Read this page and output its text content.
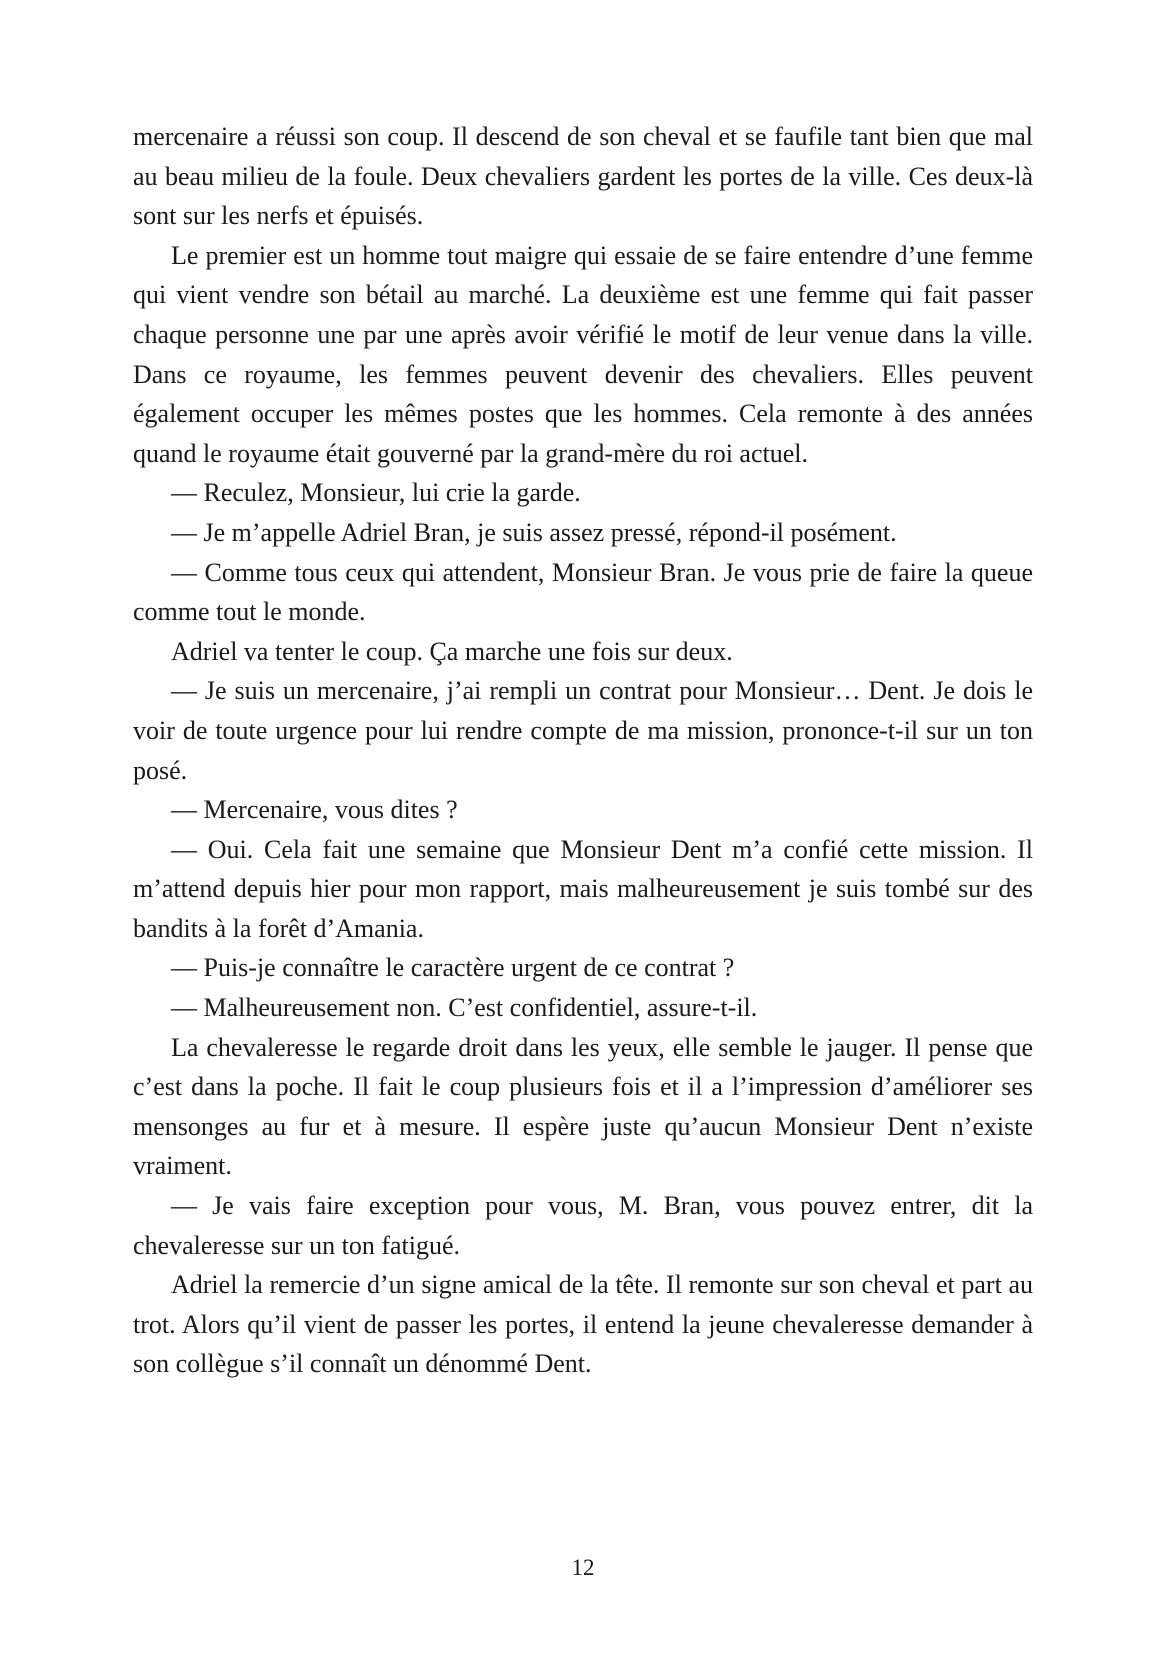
mercenaire a réussi son coup. Il descend de son cheval et se faufile tant bien que mal au beau milieu de la foule. Deux chevaliers gardent les portes de la ville. Ces deux-là sont sur les nerfs et épuisés.

Le premier est un homme tout maigre qui essaie de se faire entendre d’une femme qui vient vendre son bétail au marché. La deuxième est une femme qui fait passer chaque personne une par une après avoir vérifié le motif de leur venue dans la ville. Dans ce royaume, les femmes peuvent devenir des chevaliers. Elles peuvent également occuper les mêmes postes que les hommes. Cela remonte à des années quand le royaume était gouverné par la grand-mère du roi actuel.

— Reculez, Monsieur, lui crie la garde.

— Je m’appelle Adriel Bran, je suis assez pressé, répond-il posément.

— Comme tous ceux qui attendent, Monsieur Bran. Je vous prie de faire la queue comme tout le monde.

Adriel va tenter le coup. Ça marche une fois sur deux.

— Je suis un mercenaire, j’ai rempli un contrat pour Monsieur… Dent. Je dois le voir de toute urgence pour lui rendre compte de ma mission, prononce-t-il sur un ton posé.

— Mercenaire, vous dites ?

— Oui. Cela fait une semaine que Monsieur Dent m’a confié cette mission. Il m’attend depuis hier pour mon rapport, mais malheureusement je suis tombé sur des bandits à la forêt d’Amania.

— Puis-je connaître le caractère urgent de ce contrat ?

— Malheureusement non. C’est confidentiel, assure-t-il.

La chevaleresse le regarde droit dans les yeux, elle semble le jauger. Il pense que c’est dans la poche. Il fait le coup plusieurs fois et il a l’impression d’améliorer ses mensonges au fur et à mesure. Il espère juste qu’aucun Monsieur Dent n’existe vraiment.

— Je vais faire exception pour vous, M. Bran, vous pouvez entrer, dit la chevaleresse sur un ton fatigué.

Adriel la remercie d’un signe amical de la tête. Il remonte sur son cheval et part au trot. Alors qu’il vient de passer les portes, il entend la jeune chevaleresse demander à son collègue s’il connaît un dénommé Dent.

12
